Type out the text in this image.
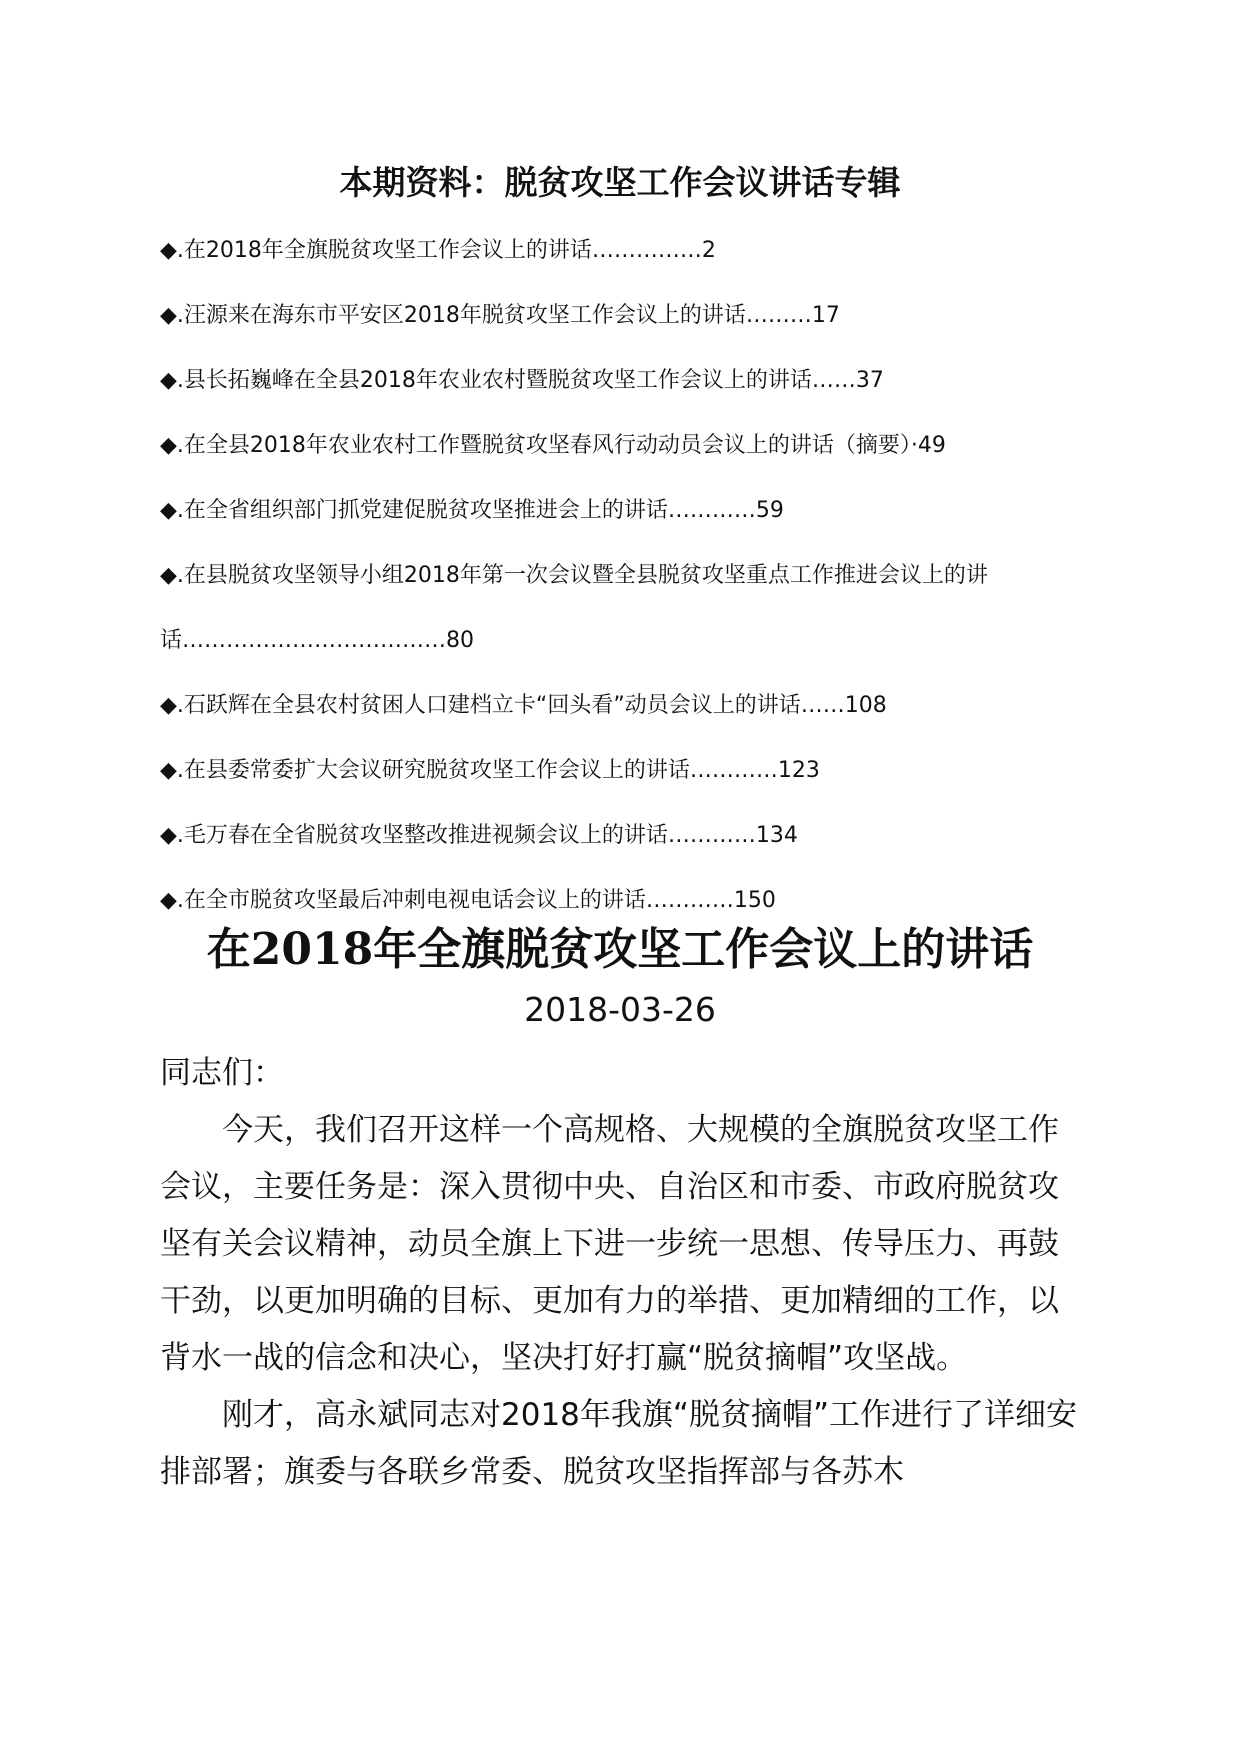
本期资料：脱贫攻坚工作会议讲话专辑
◆.在2018年全旗脱贫攻坚工作会议上的讲话……………2
◆.汪源来在海东市平安区2018年脱贫攻坚工作会议上的讲话………17
◆.县长拓巍峰在全县2018年农业农村暨脱贫攻坚工作会议上的讲话……37
◆.在全县2018年农业农村工作暨脱贫攻坚春风行动动员会议上的讲话（摘要）·49
◆.在全省组织部门抓党建促脱贫攻坚推进会上的讲话…………59
◆.在县脱贫攻坚领导小组2018年第一次会议暨全县脱贫攻坚重点工作推进会议上的讲话………………………………80
◆.石跃辉在全县农村贫困人口建档立卡“回头看”动员会议上的讲话……108
◆.在县委常委扩大会议研究脱贫攻坚工作会议上的讲话…………123
◆.毛万春在全省脱贫攻坚整改推进视频会议上的讲话…………134
◆.在全市脱贫攻坚最后冲刺电视电话会议上的讲话…………150
在2018年全旗脱贫攻坚工作会议上的讲话
2018-03-26

同志们：

今天，我们召开这样一个高规格、大规模的全旗脱贫攻坚工作会议，主要任务是：深入贯彻中央、自治区和市委、市政府脱贫攻坚有关会议精神，动员全旗上下进一步统一思想、传导压力、再鼓干劲，以更加明确的目标、更加有力的举措、更加精细的工作，以背水一战的信念和决心，坚决打好打赢“脱贫摘帽”攻坚战。

刚才，高永斌同志对2018年我旗“脱贫摘帽”工作进行了详细安排部署；旗委与各联乡常委、脱贫攻坚指挥部与各苏木
